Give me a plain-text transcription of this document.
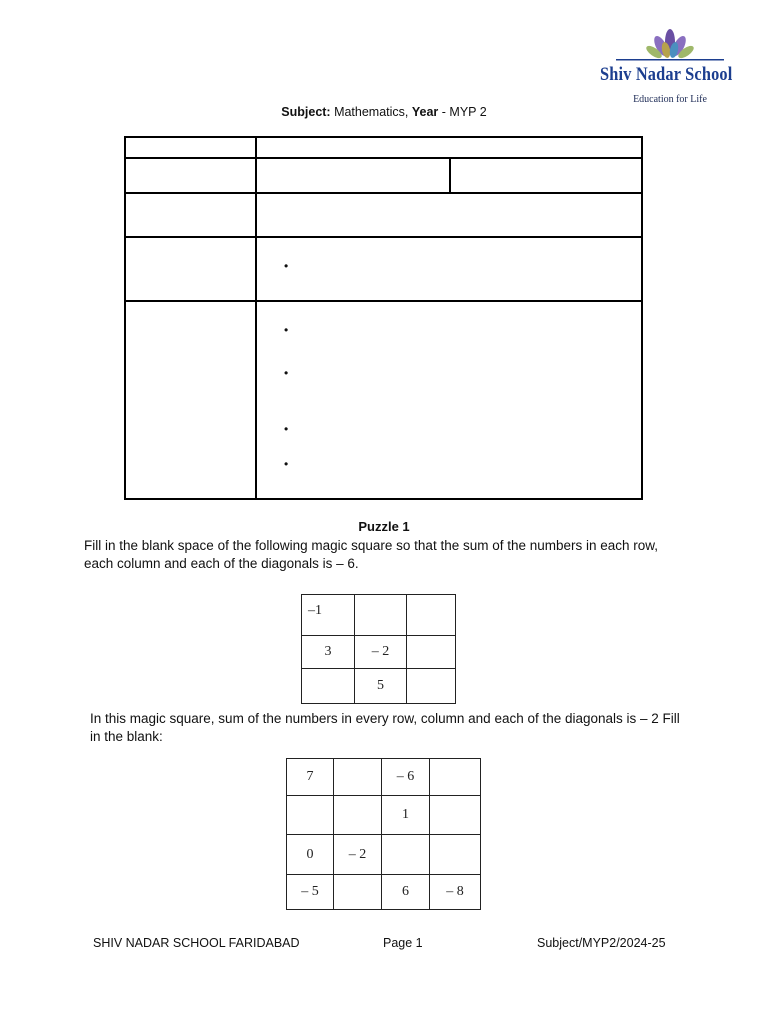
Shiv Nadar School
Education for Life
Subject: Mathematics, Year - MYP 2
•
•
•
•
•
Puzzle 1
Fill in the blank space of the following magic square so that the sum of the numbers in each row, each column and each of the diagonals is – 6.
–1		
3	– 2	
	5	
In this magic square, sum of the numbers in every row, column and each of the diagonals is – 2 Fill in the blank:
7		– 6	
		1	
0	– 2		
– 5		6	– 8
SHIV NADAR SCHOOL FARIDABAD	Page 1	Subject/MYP2/2024-25
